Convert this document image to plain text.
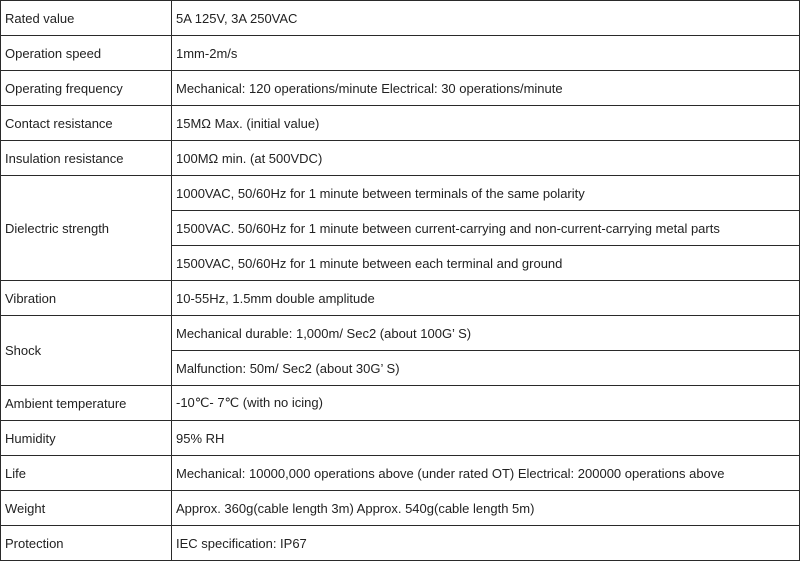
Rated value	5A 125V, 3A 250VAC
Operation speed	1mm-2m/s
Operating frequency	Mechanical: 120 operations/minute Electrical: 30 operations/minute
Contact resistance	15MΩ Max. (initial value)
Insulation resistance	100MΩ min. (at 500VDC)
Dielectric strength	1000VAC, 50/60Hz for 1 minute between terminals of the same polarity
	1500VAC. 50/60Hz for 1 minute between current-carrying and non-current-carrying metal parts
	1500VAC, 50/60Hz for 1 minute between each terminal and ground
Vibration	10-55Hz, 1.5mm double amplitude
Shock	Mechanical durable: 1,000m/ Sec2 (about 100G’ S)
	Malfunction: 50m/ Sec2 (about 30G’ S)
Ambient temperature	-10℃- 7℃ (with no icing)
Humidity	95% RH
Life	Mechanical: 10000,000 operations above (under rated OT) Electrical: 200000 operations above
Weight	Approx. 360g(cable length 3m) Approx. 540g(cable length 5m)
Protection	IEC specification: IP67
